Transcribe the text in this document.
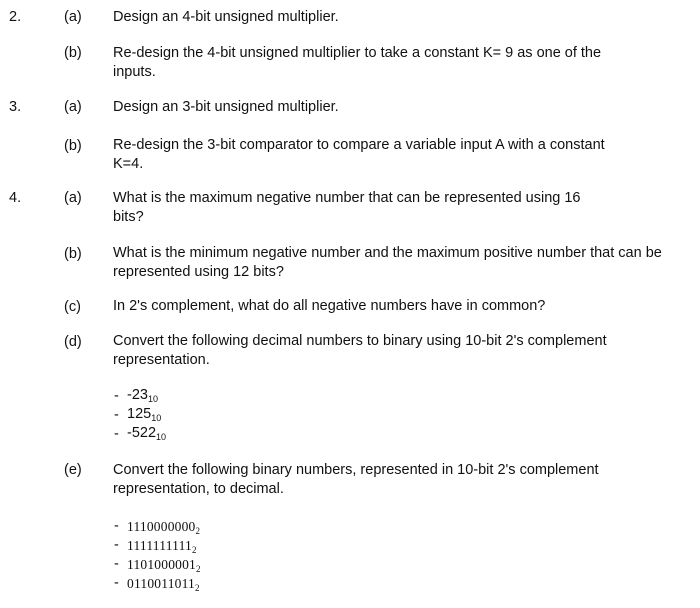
2.	(a) Design an 4-bit unsigned multiplier.
(b) Re-design the 4-bit unsigned multiplier to take a constant K= 9 as one of the
inputs.
3.	(a) Design an 3-bit unsigned multiplier.
(b) Re-design the 3-bit comparator to compare a variable input A with a constant
K=4.
4.	(a) What is the maximum negative number that can be represented using 16
bits?
(b) What is the minimum negative number and the maximum positive number that can be
represented using 12 bits?
(c) In 2's complement, what do all negative numbers have in common?
(d) Convert the following decimal numbers to binary using 10-bit 2's complement
representation.
- $-23_{10}$
- $125_{10}$
- $-522_{10}$
(e) Convert the following binary numbers, represented in 10-bit 2's complement
representation, to decimal.
- $1110000000_2$
- $1111111111_2$
- $1101000001_2$
- $0110011011_2$
